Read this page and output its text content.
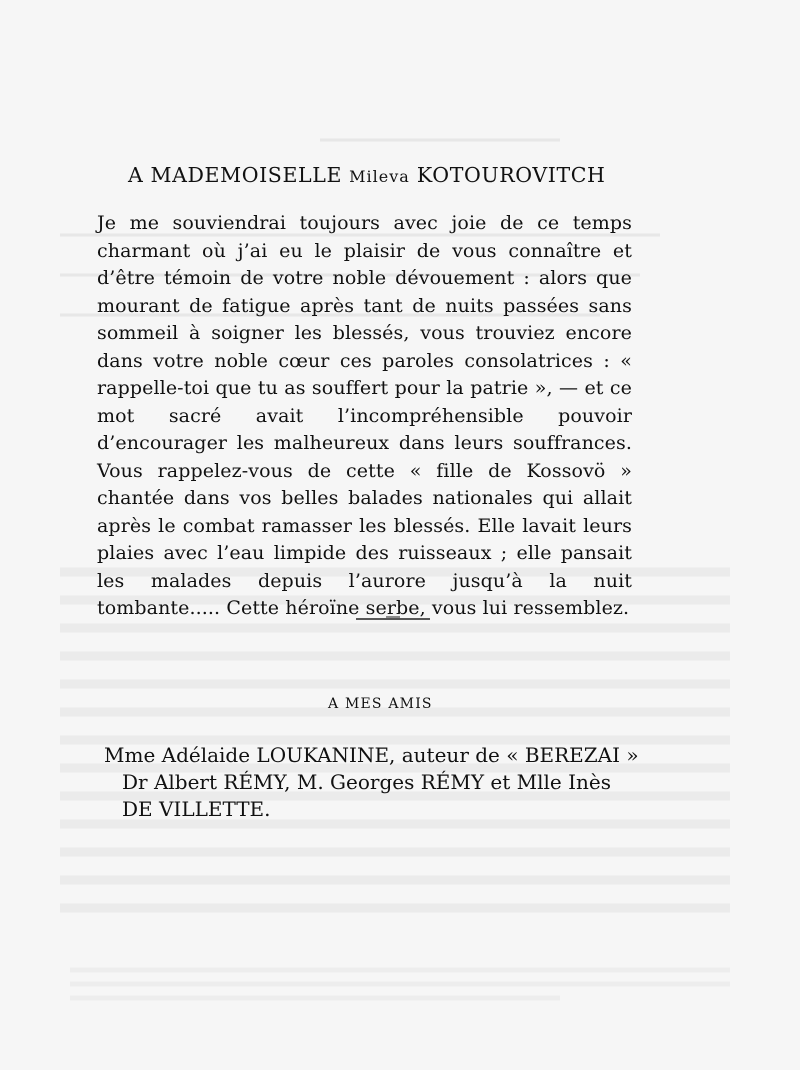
A MADEMOISELLE Mileva KOTOUROVITCH

Je me souviendrai toujours avec joie de ce temps charmant où j’ai eu le plaisir de vous connaître et d’être témoin de votre noble dévouement : alors que mourant de fatigue après tant de nuits passées sans sommeil à soigner les blessés, vous trouviez encore dans votre noble cœur ces paroles consolatrices : « rappelle-toi que tu as souffert pour la patrie », — et ce mot sacré avait l’incompréhensible pouvoir d’encourager les malheureux dans leurs souffrances. Vous rappelez-vous de cette « fille de Kossovö » chantée dans vos belles balades nationales qui allait après le combat ramasser les blessés. Elle lavait leurs plaies avec l’eau limpide des ruisseaux ; elle pansait les malades depuis l’aurore jusqu’à la nuit tombante..... Cette héroïne serbe, vous lui ressemblez.

A MES AMIS
Mme Adélaide LOUKANINE, auteur de « BEREZAI »
Dr Albert RÉMY, M. Georges RÉMY et Mlle Inès
DE VILLETTE.
